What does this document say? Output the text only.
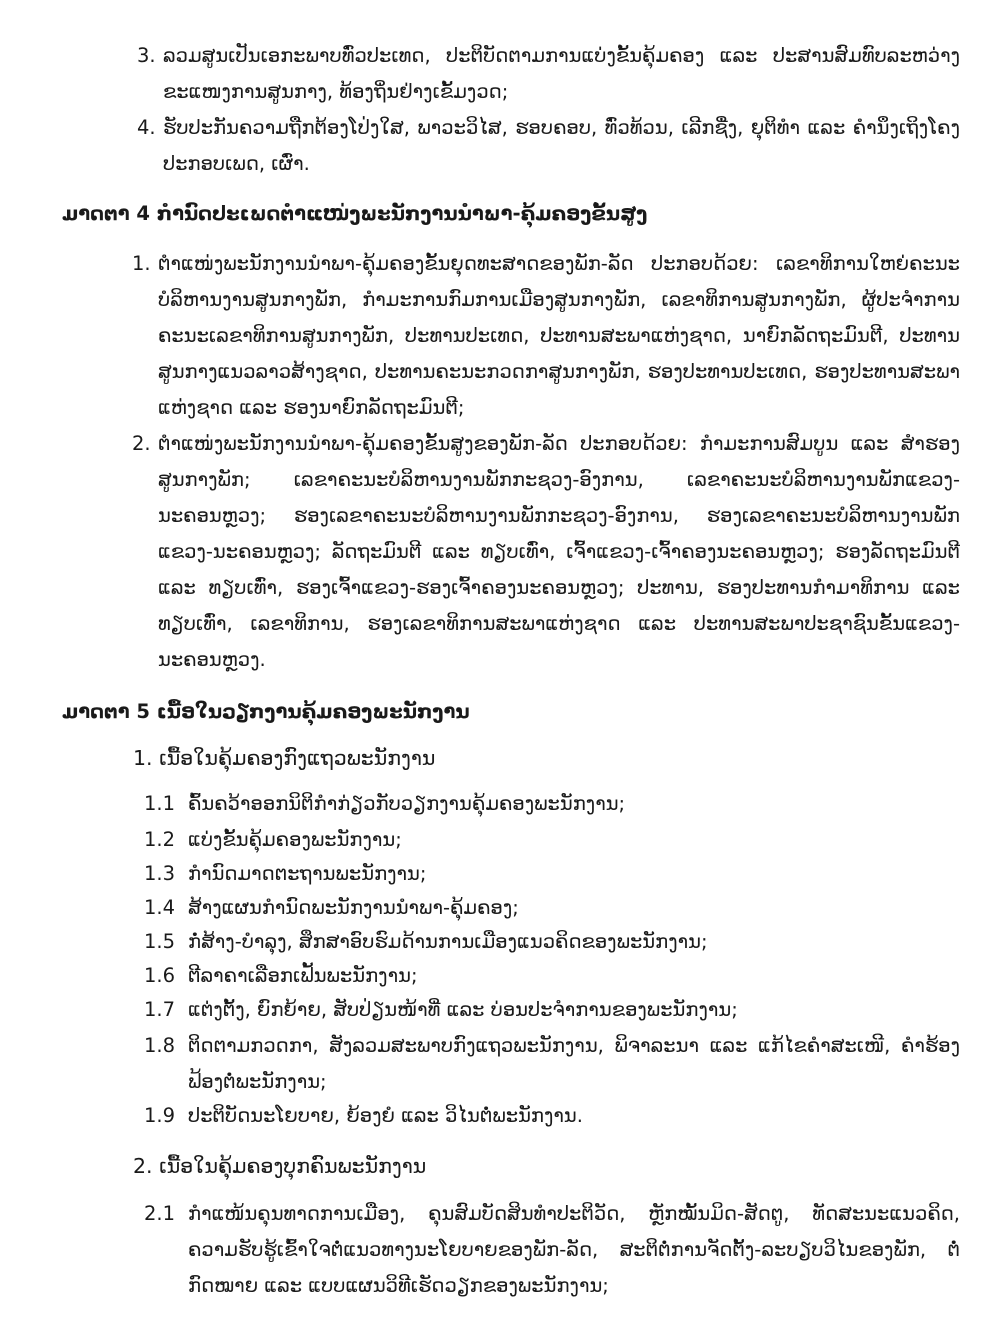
3. ລວມສູນເປັນເອກະພາບທົ່ວປະເທດ, ປະຕິບັດຕາມການແບ່ງຂັ້ນຄຸ້ມຄອງ ແລະ ປະສານສົມທົບລະຫວ່າງຂະແໜງການສູນກາງ, ທ້ອງຖິ່ນຢ່າງເຂັ້ມງວດ;
4. ຮັບປະກັນຄວາມຖືກຕ້ອງໂປ່ງໃສ, ພາວະວິໄສ, ຮອບຄອບ, ທົ່ວທ້ວນ, ເລີກຊື່ງ, ຍຸຕິທຳ ແລະ ຄຳນຶງເຖິງໂຄງປະກອບເພດ, ເຜົ່າ.
ມາດຕາ 4 ກຳນົດປະເພດຕຳແໜ່ງພະນັກງານນຳພາ-ຄຸ້ມຄອງຂັ້ນສູງ
1. ຕຳແໜ່ງພະນັກງານນຳພາ-ຄຸ້ມຄອງຂັ້ນຍຸດທະສາດຂອງພັກ-ລັດ ປະກອບດ້ວຍ: ເລຂາທິການໃຫຍ່ຄະນະບໍລິຫານງານສູນກາງພັກ, ກຳມະການກົມການເມືອງສູນກາງພັກ, ເລຂາທິການສູນກາງພັກ, ຜູ້ປະຈຳການ ຄະນະເລຂາທິການສູນກາງພັກ, ປະທານປະເທດ, ປະທານສະພາແຫ່ງຊາດ, ນາຍົກລັດຖະມົນຕີ, ປະທານສູນກາງແນວລາວສ້າງຊາດ, ປະທານຄະນະກວດກາສູນກາງພັກ, ຮອງປະທານປະເທດ, ຮອງປະທານສະພາແຫ່ງຊາດ ແລະ ຮອງນາຍົກລັດຖະມົນຕີ;
2. ຕຳແໜ່ງພະນັກງານນຳພາ-ຄຸ້ມຄອງຂັ້ນສູງຂອງພັກ-ລັດ ປະກອບດ້ວຍ: ກຳມະການສົມບູນ ແລະ ສຳຮອງສູນກາງພັກ; ເລຂາຄະນະບໍລິຫານງານພັກກະຊວງ-ອົງການ, ເລຂາຄະນະບໍລິຫານງານພັກແຂວງ-ນະຄອນຫຼວງ; ຮອງເລຂາຄະນະບໍລິຫານງານພັກກະຊວງ-ອົງການ, ຮອງເລຂາຄະນະບໍລິຫານງານພັກແຂວງ-ນະຄອນຫຼວງ; ລັດຖະມົນຕີ ແລະ ທຽບເທົ່າ, ເຈົ້າແຂວງ-ເຈົ້າຄອງນະຄອນຫຼວງ; ຮອງລັດຖະມົນຕີ ແລະ ທຽບເທົ່າ, ຮອງເຈົ້າແຂວງ-ຮອງເຈົ້າຄອງນະຄອນຫຼວງ; ປະທານ, ຮອງປະທານກຳມາທິການ ແລະ ທຽບເທົ່າ, ເລຂາທິການ, ຮອງເລຂາທິການສະພາແຫ່ງຊາດ ແລະ ປະທານສະພາປະຊາຊົນຂັ້ນແຂວງ-ນະຄອນຫຼວງ.
ມາດຕາ 5 ເນື້ອໃນວຽກງານຄຸ້ມຄອງພະນັກງານ
1. ເນື້ອໃນຄຸ້ມຄອງກົງແຖວພະນັກງານ
1.1 ຄົ້ນຄວ້າອອກນິຕິກຳກ່ຽວກັບວຽກງານຄຸ້ມຄອງພະນັກງານ;
1.2 ແບ່ງຂັ້ນຄຸ້ມຄອງພະນັກງານ;
1.3 ກຳນົດມາດຕະຖານພະນັກງານ;
1.4 ສ້າງແຜນກຳນົດພະນັກງານນຳພາ-ຄຸ້ມຄອງ;
1.5 ກໍ່ສ້າງ-ບຳລຸງ, ສຶກສາອົບຮົມດ້ານການເມືອງແນວຄິດຂອງພະນັກງານ;
1.6 ຕີລາຄາເລືອກເຟັ້ນພະນັກງານ;
1.7 ແຕ່ງຕັ້ງ, ຍົກຍ້າຍ, ສັບປ່ຽນໜ້າທີ່ ແລະ ບ່ອນປະຈຳການຂອງພະນັກງານ;
1.8 ຕິດຕາມກວດກາ, ສັງລວມສະພາບກົງແຖວພະນັກງານ, ພິຈາລະນາ ແລະ ແກ້ໄຂຄຳສະເໜີ, ຄຳຮ້ອງຟ້ອງຕໍ່ພະນັກງານ;
1.9 ປະຕິບັດນະໂຍບາຍ, ຍ້ອງຍໍ ແລະ ວິໄນຕໍ່ພະນັກງານ.
2. ເນື້ອໃນຄຸ້ມຄອງບຸກຄົນພະນັກງານ
2.1 ກຳແໜ້ນຄຸນທາດການເມືອງ, ຄຸນສົມບັດສິນທຳປະຕິວັດ, ຫຼັກໝັ້ນມິດ-ສັດຕູ, ທັດສະນະແນວຄິດ, ຄວາມຮັບຮູ້ເຂົ້າໃຈຕໍ່ແນວທາງນະໂຍບາຍຂອງພັກ-ລັດ, ສະຕິຕໍ່ການຈັດຕັ້ງ-ລະບຽບວິໄນຂອງພັກ, ຕໍ່ກົດໝາຍ ແລະ ແບບແຜນວິທີເຮັດວຽກຂອງພະນັກງານ;
